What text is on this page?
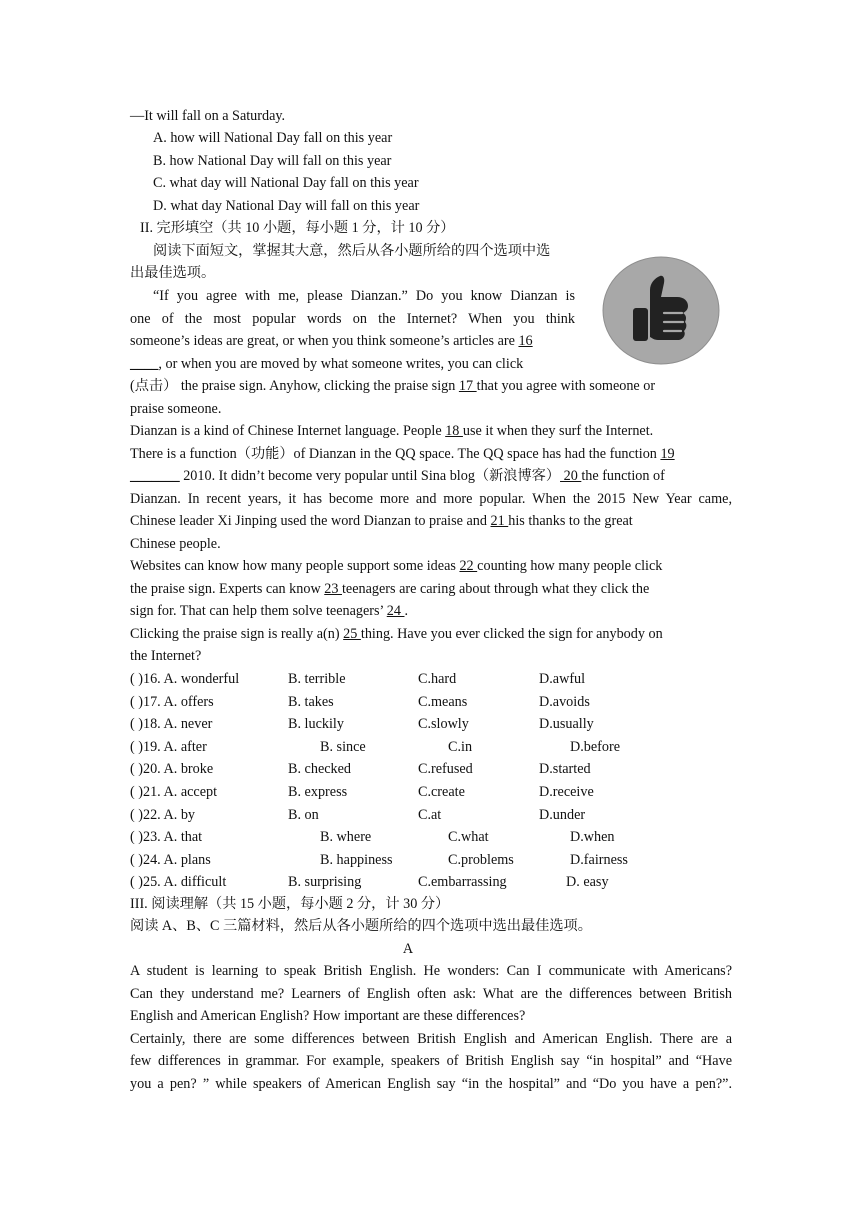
—It will fall on a Saturday.
A. how will National Day fall on this year
B. how National Day will fall on this year
C. what day will National Day fall on this year
D. what day National Day will fall on this year
II. 完形填空（共 10 小题，每小题 1 分，计 10 分）
阅读下面短文，掌握其大意，然后从各小题所给的四个选项中选
出最佳选项。
“If you agree with me, please Dianzan.” Do you know Dianzan is
one of the most popular words on the Internet? When you think
someone’s ideas are great, or when you think someone’s articles are 16
____, or when you are moved by what someone writes, you can click
(点击） the praise sign. Anyhow, clicking the praise sign 17 that you agree with someone or
praise someone.
Dianzan is a kind of Chinese Internet language. People 18 use it when they surf the Internet.
There is a function（功能）of Dianzan in the QQ space. The QQ space has had the function 19
_______ 2010. It didn’t become very popular until Sina blog（新浪博客） 20 the function of
Dianzan. In recent years, it has become more and more popular. When the 2015 New Year came,
Chinese leader Xi Jinping used the word Dianzan to praise and 21 his thanks to the great
Chinese people.
Websites can know how many people support some ideas 22 counting how many people click
the praise sign. Experts can know 23 teenagers are caring about through what they click the
sign for. That can help them solve teenagers’ 24 .
Clicking the praise sign is really a(n) 25 thing. Have you ever clicked the sign for anybody on
the Internet?
( )16. A. wonderful	B. terrible	C.hard	D.awful
( )17. A. offers	B. takes	C.means	D.avoids
( )18. A. never	B. luckily	C.slowly	D.usually
( )19. A. after	B. since	C.in	D.before
( )20. A. broke	B. checked	C.refused	D.started
( )21. A. accept	B. express	C.create	D.receive
( )22. A. by	B. on	C.at	D.under
( )23. A. that	B. where	C.what	D.when
( )24. A. plans	B. happiness	C.problems	D.fairness
( )25. A. difficult	B. surprising	C.embarrassing	D. easy
III. 阅读理解（共 15 小题，每小题 2 分，计 30 分）
阅读 A、B、C 三篇材料，然后从各小题所给的四个选项中选出最佳选项。
A
A student is learning to speak British English. He wonders: Can I communicate with Americans?
Can they understand me? Learners of English often ask: What are the differences between British
English and American English? How important are these differences?
Certainly, there are some differences between British English and American English. There are a
few differences in grammar. For example, speakers of British English say “in hospital” and “Have
you a pen? ” while speakers of American English say “in the hospital” and “Do you have a pen?”.
